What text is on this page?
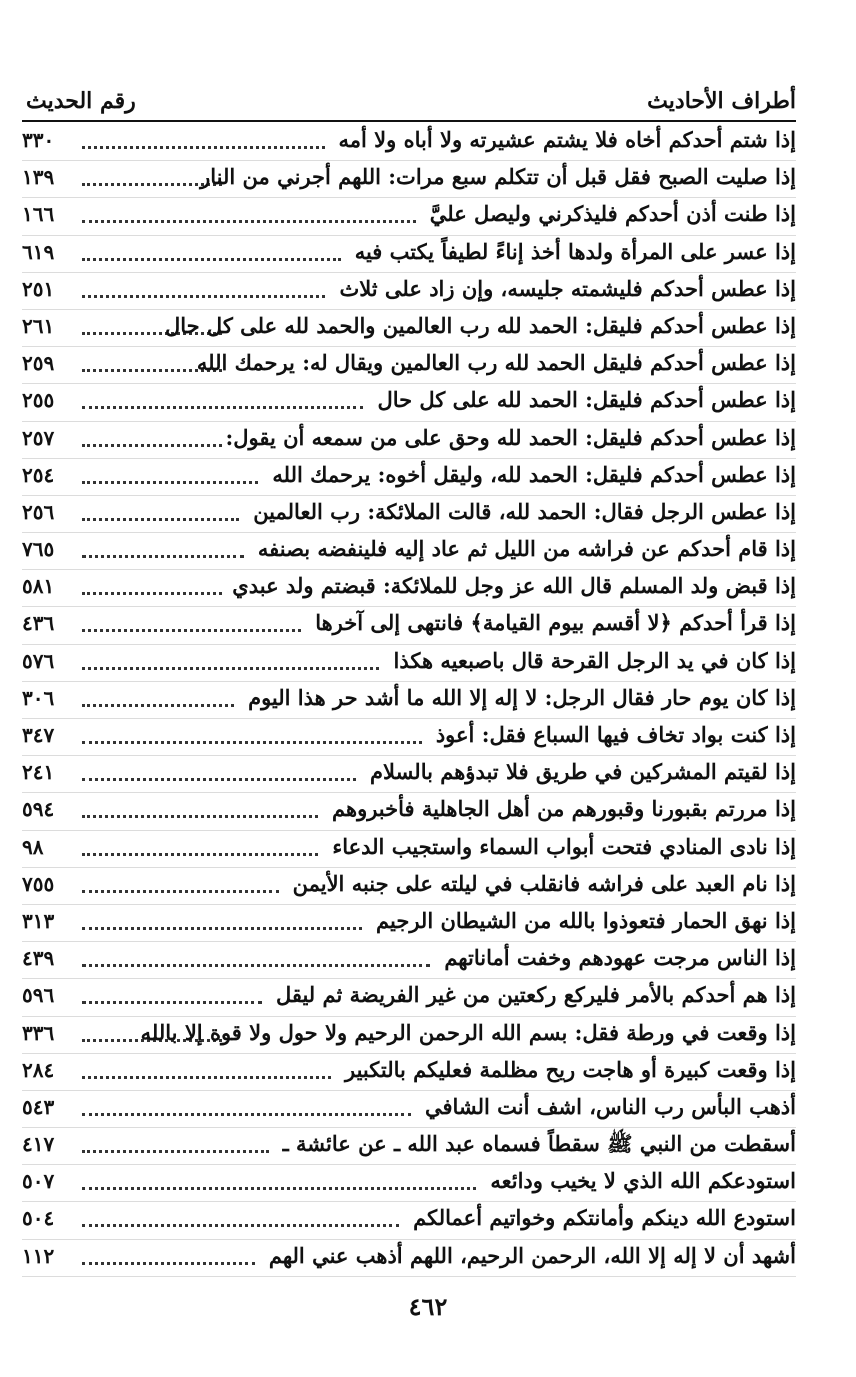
رقم الحديث	أطراف الأحاديث
٣٣٠	إذا شتم أحدكم أخاه فلا يشتم عشيرته ولا أباه ولا أمه
١٣٩	إذا صليت الصبح فقل قبل أن تتكلم سبع مرات: اللهم أجرني من النار
١٦٦	إذا طنت أذن أحدكم فليذكرني وليصل عليَّ
٦١٩	إذا عسر على المرأة ولدها أخذ إناءً لطيفاً يكتب فيه
٢٥١	إذا عطس أحدكم فليشمته جليسه، وإن زاد على ثلاث
٢٦١	إذا عطس أحدكم فليقل: الحمد لله رب العالمين والحمد لله على كل حال
٢٥٩	إذا عطس أحدكم فليقل الحمد لله رب العالمين ويقال له: يرحمك الله
٢٥٥	إذا عطس أحدكم فليقل: الحمد لله على كل حال
٢٥٧	إذا عطس أحدكم فليقل: الحمد لله وحق على من سمعه أن يقول:
٢٥٤	إذا عطس أحدكم فليقل: الحمد لله، وليقل أخوه: يرحمك الله
٢٥٦	إذا عطس الرجل فقال: الحمد لله، قالت الملائكة: رب العالمين
٧٦٥	إذا قام أحدكم عن فراشه من الليل ثم عاد إليه فلينفضه بصنفه
٥٨١	إذا قبض ولد المسلم قال الله عز وجل للملائكة: قبضتم ولد عبدي
٤٣٦	إذا قرأ أحدكم ﴿لا أقسم بيوم القيامة﴾ فانتهى إلى آخرها
٥٧٦	إذا كان في يد الرجل القرحة قال باصبعيه هكذا
٣٠٦	إذا كان يوم حار فقال الرجل: لا إله إلا الله ما أشد حر هذا اليوم
٣٤٧	إذا كنت بواد تخاف فيها السباع فقل: أعوذ
٢٤١	إذا لقيتم المشركين في طريق فلا تبدؤهم بالسلام
٥٩٤	إذا مررتم بقبورنا وقبورهم من أهل الجاهلية فأخبروهم
٩٨	إذا نادى المنادي فتحت أبواب السماء واستجيب الدعاء
٧٥٥	إذا نام العبد على فراشه فانقلب في ليلته على جنبه الأيمن
٣١٣	إذا نهق الحمار فتعوذوا بالله من الشيطان الرجيم
٤٣٩	إذا الناس مرجت عهودهم وخفت أماناتهم
٥٩٦	إذا هم أحدكم بالأمر فليركع ركعتين من غير الفريضة ثم ليقل
٣٣٦	إذا وقعت في ورطة فقل: بسم الله الرحمن الرحيم ولا حول ولا قوة إلا بالله
٢٨٤	إذا وقعت كبيرة أو هاجت ريح مظلمة فعليكم بالتكبير
٥٤٣	أذهب البأس رب الناس، اشف أنت الشافي
٤١٧	أسقطت من النبي ﷺ سقطاً فسماه عبد الله ـ عن عائشة ـ
٥٠٧	استودعكم الله الذي لا يخيب ودائعه
٥٠٤	استودع الله دينكم وأمانتكم وخواتيم أعمالكم
١١٢	أشهد أن لا إله إلا الله، الرحمن الرحيم، اللهم أذهب عني الهم
٤٦٢
